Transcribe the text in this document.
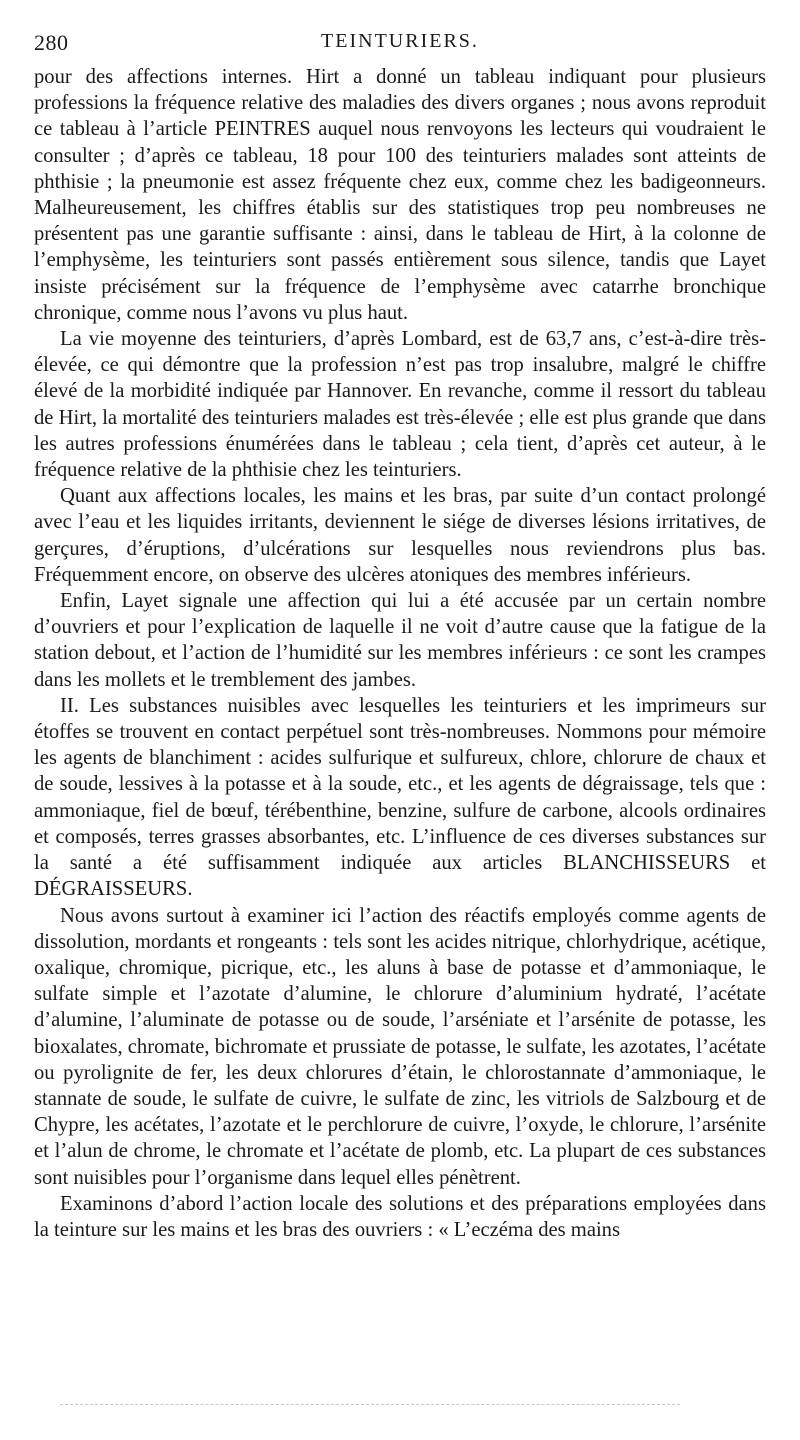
280	TEINTURIERS.

pour des affections internes. Hirt a donné un tableau indiquant pour plusieurs professions la fréquence relative des maladies des divers organes ; nous avons reproduit ce tableau à l’article PEINTRES auquel nous renvoyons les lecteurs qui voudraient le consulter ; d’après ce tableau, 18 pour 100 des teinturiers malades sont atteints de phthisie ; la pneumonie est assez fréquente chez eux, comme chez les badigeonneurs. Malheureusement, les chiffres établis sur des statistiques trop peu nombreuses ne présentent pas une garantie suffisante : ainsi, dans le tableau de Hirt, à la colonne de l’emphysème, les teinturiers sont passés entièrement sous silence, tandis que Layet insiste précisément sur la fréquence de l’emphysème avec catarrhe bronchique chronique, comme nous l’avons vu plus haut.

La vie moyenne des teinturiers, d’après Lombard, est de 63,7 ans, c’est-à-dire très-élevée, ce qui démontre que la profession n’est pas trop insalubre, malgré le chiffre élevé de la morbidité indiquée par Hannover. En revanche, comme il ressort du tableau de Hirt, la mortalité des teinturiers malades est très-élevée ; elle est plus grande que dans les autres professions énumérées dans le tableau ; cela tient, d’après cet auteur, à le fréquence relative de la phthisie chez les teinturiers.

Quant aux affections locales, les mains et les bras, par suite d’un contact prolongé avec l’eau et les liquides irritants, deviennent le siége de diverses lésions irritatives, de gerçures, d’éruptions, d’ulcérations sur lesquelles nous reviendrons plus bas. Fréquemment encore, on observe des ulcères atoniques des membres inférieurs.

Enfin, Layet signale une affection qui lui a été accusée par un certain nombre d’ouvriers et pour l’explication de laquelle il ne voit d’autre cause que la fatigue de la station debout, et l’action de l’humidité sur les membres inférieurs : ce sont les crampes dans les mollets et le tremblement des jambes.

II. Les substances nuisibles avec lesquelles les teinturiers et les imprimeurs sur étoffes se trouvent en contact perpétuel sont très-nombreuses. Nommons pour mémoire les agents de blanchiment : acides sulfurique et sulfureux, chlore, chlorure de chaux et de soude, lessives à la potasse et à la soude, etc., et les agents de dégraissage, tels que : ammoniaque, fiel de bœuf, térébenthine, benzine, sulfure de carbone, alcools ordinaires et composés, terres grasses absorbantes, etc. L’influence de ces diverses substances sur la santé a été suffisamment indiquée aux articles BLANCHISSEURS et DÉGRAISSEURS.

Nous avons surtout à examiner ici l’action des réactifs employés comme agents de dissolution, mordants et rongeants : tels sont les acides nitrique, chlorhydrique, acétique, oxalique, chromique, picrique, etc., les aluns à base de potasse et d’ammoniaque, le sulfate simple et l’azotate d’alumine, le chlorure d’aluminium hydraté, l’acétate d’alumine, l’aluminate de potasse ou de soude, l’arséniate et l’arsénite de potasse, les bioxalates, chromate, bichromate et prussiate de potasse, le sulfate, les azotates, l’acétate ou pyrolignite de fer, les deux chlorures d’étain, le chlorostannate d’ammoniaque, le stannate de soude, le sulfate de cuivre, le sulfate de zinc, les vitriols de Salzbourg et de Chypre, les acétates, l’azotate et le perchlorure de cuivre, l’oxyde, le chlorure, l’arsénite et l’alun de chrome, le chromate et l’acétate de plomb, etc. La plupart de ces substances sont nuisibles pour l’organisme dans lequel elles pénètrent.

Examinons d’abord l’action locale des solutions et des préparations employées dans la teinture sur les mains et les bras des ouvriers : « L’eczéma des mains
